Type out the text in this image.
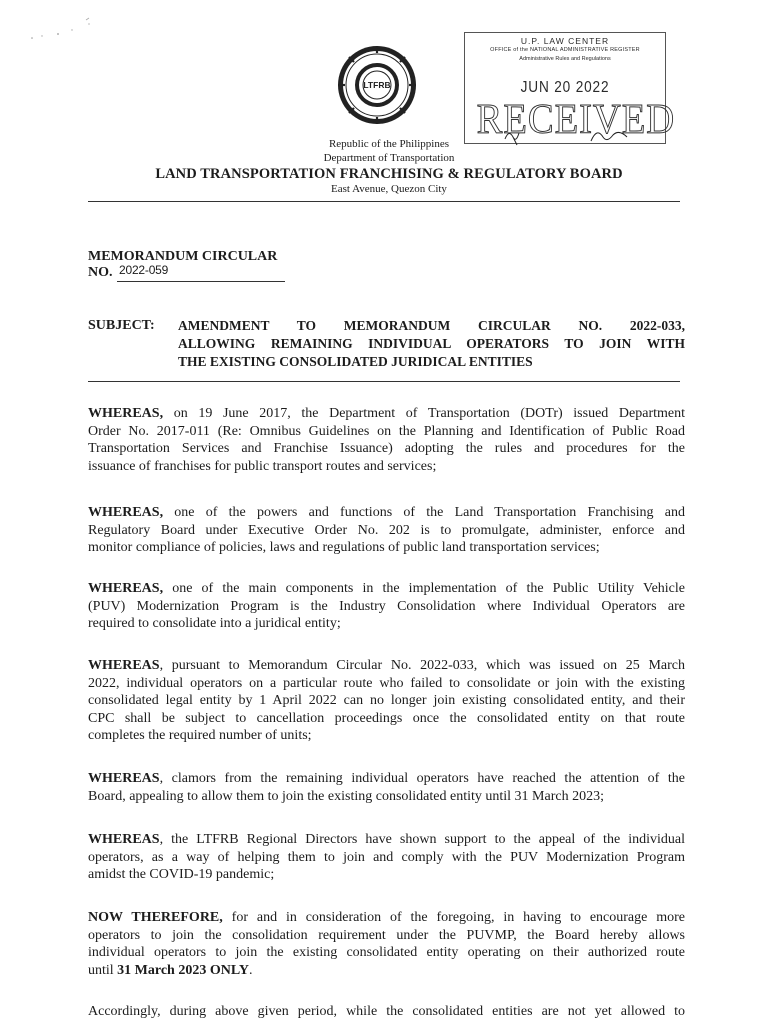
LTFRB
U.P. LAW CENTER
OFFICE of the NATIONAL ADMINISTRATIVE REGISTER
Administrative Rules and Regulations
JUN 20 2022
RECEIVED
Republic of the Philippines
Department of Transportation
LAND TRANSPORTATION FRANCHISING & REGULATORY BOARD
East Avenue, Quezon City
MEMORANDUM CIRCULAR
NO. 2022-059
SUBJECT: AMENDMENT TO MEMORANDUM CIRCULAR NO. 2022-033,
ALLOWING REMAINING INDIVIDUAL OPERATORS TO JOIN WITH
THE EXISTING CONSOLIDATED JURIDICAL ENTITIES
WHEREAS, on 19 June 2017, the Department of Transportation (DOTr) issued Department
Order No. 2017-011 (Re: Omnibus Guidelines on the Planning and Identification of Public Road
Transportation Services and Franchise Issuance) adopting the rules and procedures for the
issuance of franchises for public transport routes and services;
WHEREAS, one of the powers and functions of the Land Transportation Franchising and
Regulatory Board under Executive Order No. 202 is to promulgate, administer, enforce and
monitor compliance of policies, laws and regulations of public land transportation services;
WHEREAS, one of the main components in the implementation of the Public Utility Vehicle
(PUV) Modernization Program is the Industry Consolidation where Individual Operators are
required to consolidate into a juridical entity;
WHEREAS, pursuant to Memorandum Circular No. 2022-033, which was issued on 25 March
2022, individual operators on a particular route who failed to consolidate or join with the existing
consolidated legal entity by 1 April 2022 can no longer join existing consolidated entity, and their
CPC shall be subject to cancellation proceedings once the consolidated entity on that route
completes the required number of units;
WHEREAS, clamors from the remaining individual operators have reached the attention of the
Board, appealing to allow them to join the existing consolidated entity until 31 March 2023;
WHEREAS, the LTFRB Regional Directors have shown support to the appeal of the individual
operators, as a way of helping them to join and comply with the PUV Modernization Program
amidst the COVID-19 pandemic;
NOW THEREFORE, for and in consideration of the foregoing, in having to encourage more
operators to join the consolidation requirement under the PUVMP, the Board hereby allows
individual operators to join the existing consolidated entity operating on their authorized route
until 31 March 2023 ONLY.
Accordingly, during above given period, while the consolidated entities are not yet allowed to
